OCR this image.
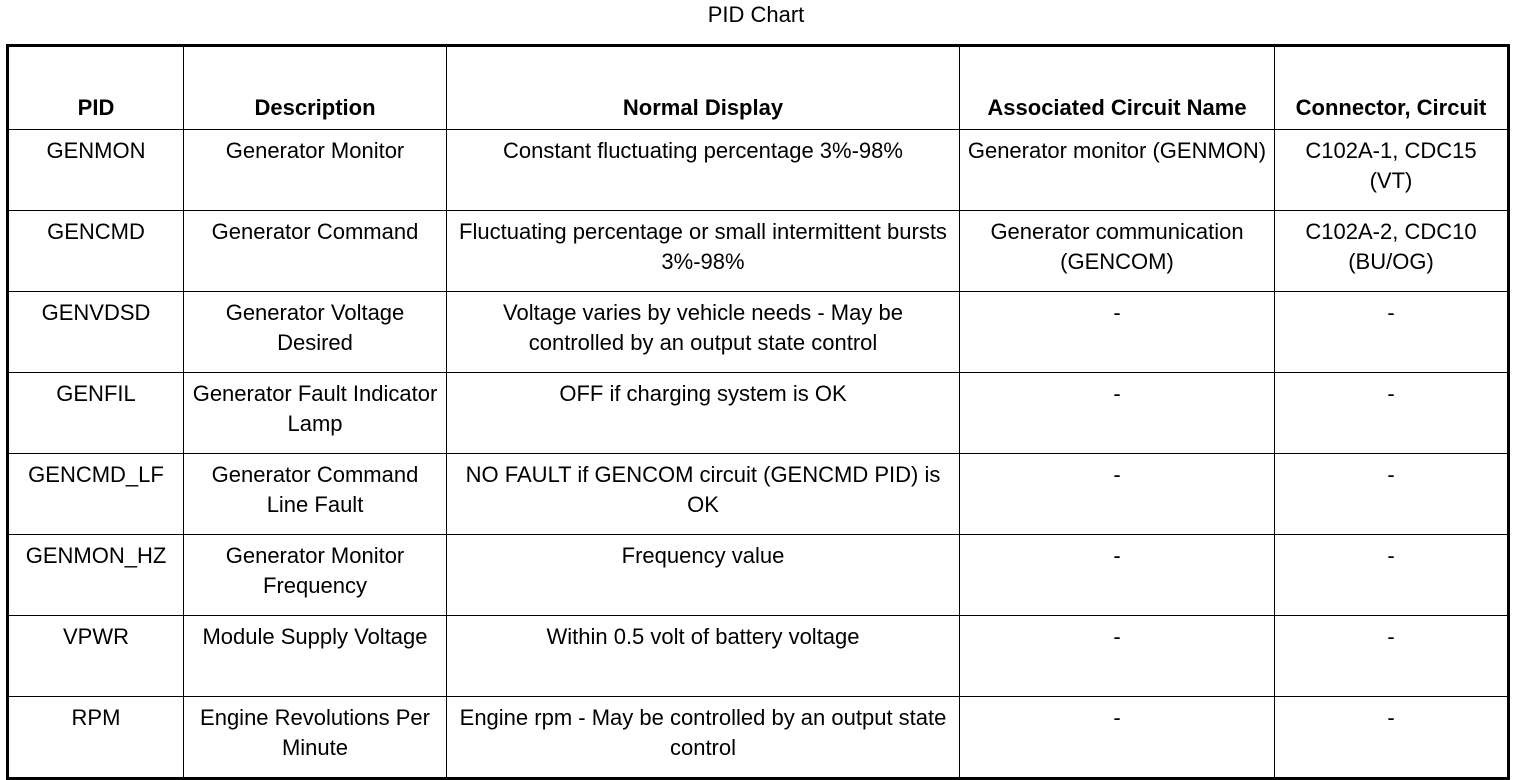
PID Chart
PID	Description	Normal Display	Associated Circuit Name	Connector, Circuit
GENMON	Generator Monitor	Constant fluctuating percentage 3%-98%	Generator monitor (GENMON)	C102A-1, CDC15 (VT)
GENCMD	Generator Command	Fluctuating percentage or small intermittent bursts 3%-98%	Generator communication (GENCOM)	C102A-2, CDC10 (BU/OG)
GENVDSD	Generator Voltage Desired	Voltage varies by vehicle needs - May be controlled by an output state control	-	-
GENFIL	Generator Fault Indicator Lamp	OFF if charging system is OK	-	-
GENCMD_LF	Generator Command Line Fault	NO FAULT if GENCOM circuit (GENCMD PID) is OK	-	-
GENMON_HZ	Generator Monitor Frequency	Frequency value	-	-
VPWR	Module Supply Voltage	Within 0.5 volt of battery voltage	-	-
RPM	Engine Revolutions Per Minute	Engine rpm - May be controlled by an output state control	-	-
